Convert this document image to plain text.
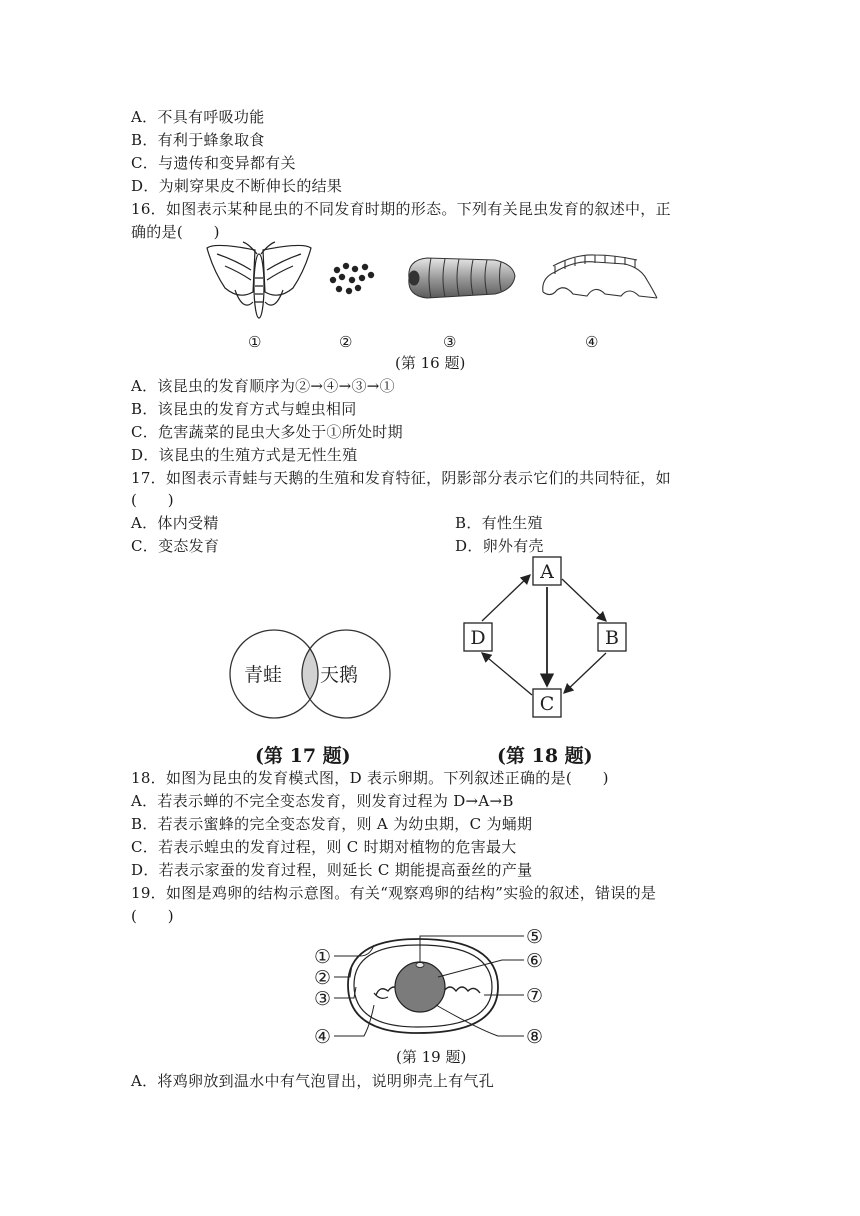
A．不具有呼吸功能
B．有利于蜂象取食
C．与遗传和变异都有关
D．为刺穿果皮不断伸长的结果
16．如图表示某种昆虫的不同发育时期的形态。下列有关昆虫发育的叙述中，正
确的是(　　)
①	②	③	④
(第 16 题)
A．该昆虫的发育顺序为②→④→③→①
B．该昆虫的发育方式与蝗虫相同
C．危害蔬菜的昆虫大多处于①所处时期
D．该昆虫的生殖方式是无性生殖
17．如图表示青蛙与天鹅的生殖和发育特征，阴影部分表示它们的共同特征，如
(　　)
A．体内受精	B．有性生殖
C．变态发育	D．卵外有壳
青蛙 天鹅
A
B
C
D
(第 17 题)	(第 18 题)
18．如图为昆虫的发育模式图，D 表示卵期。下列叙述正确的是(　　)
A．若表示蝉的不完全变态发育，则发育过程为 D→A→B
B．若表示蜜蜂的完全变态发育，则 A 为幼虫期，C 为蛹期
C．若表示蝗虫的发育过程，则 C 时期对植物的危害最大
D．若表示家蚕的发育过程，则延长 C 期能提高蚕丝的产量
19．如图是鸡卵的结构示意图。有关“观察鸡卵的结构”实验的叙述，错误的是
(　　)
①
②
③
④
⑤
⑥
⑦
⑧
(第 19 题)
A．将鸡卵放到温水中有气泡冒出，说明卵壳上有气孔
